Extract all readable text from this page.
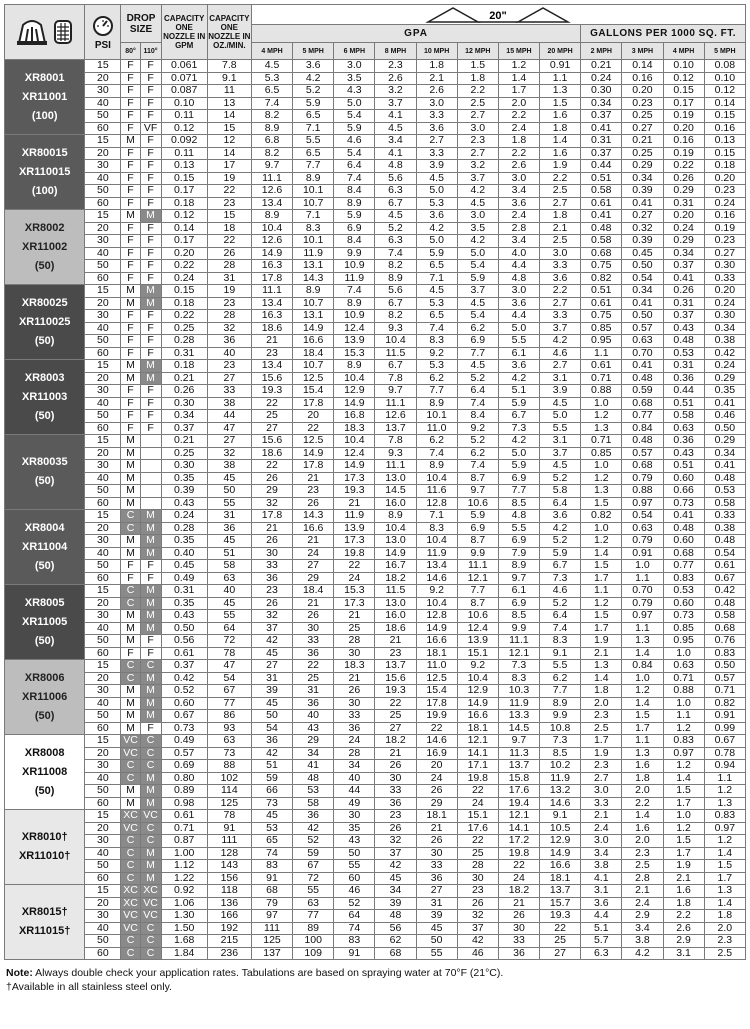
PSI	DROP SIZE		CAPACITY ONE NOZZLE IN GPM	CAPACITY ONE NOZZLE IN OZ./MIN.	20"											

						GPA								GALLONS PER 1000 SQ. FT.			
		80°	110°			4 MPH	5 MPH	6 MPH	8 MPH	10 MPH	12 MPH	15 MPH	20 MPH	2 MPH	3 MPH	4 MPH	5 MPH

XR8001
XR11001
(100)	15	F	F	0.061	7.8	4.5	3.6	3.0	2.3	1.8	1.5	1.2	0.91	0.21	0.14	0.10	0.08
	20	F	F	0.071	9.1	5.3	4.2	3.5	2.6	2.1	1.8	1.4	1.1	0.24	0.16	0.12	0.10
	30	F	F	0.087	11	6.5	5.2	4.3	3.2	2.6	2.2	1.7	1.3	0.30	0.20	0.15	0.12
	40	F	F	0.10	13	7.4	5.9	5.0	3.7	3.0	2.5	2.0	1.5	0.34	0.23	0.17	0.14
	50	F	F	0.11	14	8.2	6.5	5.4	4.1	3.3	2.7	2.2	1.6	0.37	0.25	0.19	0.15
	60	F	VF	0.12	15	8.9	7.1	5.9	4.5	3.6	3.0	2.4	1.8	0.41	0.27	0.20	0.16

XR80015
XR110015
(100)	15	M	F	0.092	12	6.8	5.5	4.6	3.4	2.7	2.3	1.8	1.4	0.31	0.21	0.16	0.13
	20	F	F	0.11	14	8.2	6.5	5.4	4.1	3.3	2.7	2.2	1.6	0.37	0.25	0.19	0.15
	30	F	F	0.13	17	9.7	7.7	6.4	4.8	3.9	3.2	2.6	1.9	0.44	0.29	0.22	0.18
	40	F	F	0.15	19	11.1	8.9	7.4	5.6	4.5	3.7	3.0	2.2	0.51	0.34	0.26	0.20
	50	F	F	0.17	22	12.6	10.1	8.4	6.3	5.0	4.2	3.4	2.5	0.58	0.39	0.29	0.23
	60	F	F	0.18	23	13.4	10.7	8.9	6.7	5.3	4.5	3.6	2.7	0.61	0.41	0.31	0.24

XR8002
XR11002
(50)	15	M	M	0.12	15	8.9	7.1	5.9	4.5	3.6	3.0	2.4	1.8	0.41	0.27	0.20	0.16
	20	F	F	0.14	18	10.4	8.3	6.9	5.2	4.2	3.5	2.8	2.1	0.48	0.32	0.24	0.19
	30	F	F	0.17	22	12.6	10.1	8.4	6.3	5.0	4.2	3.4	2.5	0.58	0.39	0.29	0.23
	40	F	F	0.20	26	14.9	11.9	9.9	7.4	5.9	5.0	4.0	3.0	0.68	0.45	0.34	0.27
	50	F	F	0.22	28	16.3	13.1	10.9	8.2	6.5	5.4	4.4	3.3	0.75	0.50	0.37	0.30
	60	F	F	0.24	31	17.8	14.3	11.9	8.9	7.1	5.9	4.8	3.6	0.82	0.54	0.41	0.33

XR80025
XR110025
(50)	15	M	M	0.15	19	11.1	8.9	7.4	5.6	4.5	3.7	3.0	2.2	0.51	0.34	0.26	0.20
	20	M	M	0.18	23	13.4	10.7	8.9	6.7	5.3	4.5	3.6	2.7	0.61	0.41	0.31	0.24
	30	F	F	0.22	28	16.3	13.1	10.9	8.2	6.5	5.4	4.4	3.3	0.75	0.50	0.37	0.30
	40	F	F	0.25	32	18.6	14.9	12.4	9.3	7.4	6.2	5.0	3.7	0.85	0.57	0.43	0.34
	50	F	F	0.28	36	21	16.6	13.9	10.4	8.3	6.9	5.5	4.2	0.95	0.63	0.48	0.38
	60	F	F	0.31	40	23	18.4	15.3	11.5	9.2	7.7	6.1	4.6	1.1	0.70	0.53	0.42

XR8003
XR11003
(50)	15	M	M	0.18	23	13.4	10.7	8.9	6.7	5.3	4.5	3.6	2.7	0.61	0.41	0.31	0.24
	20	M	M	0.21	27	15.6	12.5	10.4	7.8	6.2	5.2	4.2	3.1	0.71	0.48	0.36	0.29
	30	F	F	0.26	33	19.3	15.4	12.9	9.7	7.7	6.4	5.1	3.9	0.88	0.59	0.44	0.35
	40	F	F	0.30	38	22	17.8	14.9	11.1	8.9	7.4	5.9	4.5	1.0	0.68	0.51	0.41
	50	F	F	0.34	44	25	20	16.8	12.6	10.1	8.4	6.7	5.0	1.2	0.77	0.58	0.46
	60	F	F	0.37	47	27	22	18.3	13.7	11.0	9.2	7.3	5.5	1.3	0.84	0.63	0.50

XR80035
(50)	15	M		0.21	27	15.6	12.5	10.4	7.8	6.2	5.2	4.2	3.1	0.71	0.48	0.36	0.29
	20	M		0.25	32	18.6	14.9	12.4	9.3	7.4	6.2	5.0	3.7	0.85	0.57	0.43	0.34
	30	M		0.30	38	22	17.8	14.9	11.1	8.9	7.4	5.9	4.5	1.0	0.68	0.51	0.41
	40	M		0.35	45	26	21	17.3	13.0	10.4	8.7	6.9	5.2	1.2	0.79	0.60	0.48
	50	M		0.39	50	29	23	19.3	14.5	11.6	9.7	7.7	5.8	1.3	0.88	0.66	0.53
	60	M		0.43	55	32	26	21	16.0	12.8	10.6	8.5	6.4	1.5	0.97	0.73	0.58

XR8004
XR11004
(50)	15	C	M	0.24	31	17.8	14.3	11.9	8.9	7.1	5.9	4.8	3.6	0.82	0.54	0.41	0.33
	20	C	M	0.28	36	21	16.6	13.9	10.4	8.3	6.9	5.5	4.2	1.0	0.63	0.48	0.38
	30	M	M	0.35	45	26	21	17.3	13.0	10.4	8.7	6.9	5.2	1.2	0.79	0.60	0.48
	40	M	M	0.40	51	30	24	19.8	14.9	11.9	9.9	7.9	5.9	1.4	0.91	0.68	0.54
	50	F	F	0.45	58	33	27	22	16.7	13.4	11.1	8.9	6.7	1.5	1.0	0.77	0.61
	60	F	F	0.49	63	36	29	24	18.2	14.6	12.1	9.7	7.3	1.7	1.1	0.83	0.67

XR8005
XR11005
(50)	15	C	M	0.31	40	23	18.4	15.3	11.5	9.2	7.7	6.1	4.6	1.1	0.70	0.53	0.42
	20	C	M	0.35	45	26	21	17.3	13.0	10.4	8.7	6.9	5.2	1.2	0.79	0.60	0.48
	30	M	M	0.43	55	32	26	21	16.0	12.8	10.6	8.5	6.4	1.5	0.97	0.73	0.58
	40	M	M	0.50	64	37	30	25	18.6	14.9	12.4	9.9	7.4	1.7	1.1	0.85	0.68
	50	M	F	0.56	72	42	33	28	21	16.6	13.9	11.1	8.3	1.9	1.3	0.95	0.76
	60	F	F	0.61	78	45	36	30	23	18.1	15.1	12.1	9.1	2.1	1.4	1.0	0.83

XR8006
XR11006
(50)	15	C	C	0.37	47	27	22	18.3	13.7	11.0	9.2	7.3	5.5	1.3	0.84	0.63	0.50
	20	C	M	0.42	54	31	25	21	15.6	12.5	10.4	8.3	6.2	1.4	1.0	0.71	0.57
	30	M	M	0.52	67	39	31	26	19.3	15.4	12.9	10.3	7.7	1.8	1.2	0.88	0.71
	40	M	M	0.60	77	45	36	30	22	17.8	14.9	11.9	8.9	2.0	1.4	1.0	0.82
	50	M	M	0.67	86	50	40	33	25	19.9	16.6	13.3	9.9	2.3	1.5	1.1	0.91
	60	M	F	0.73	93	54	43	36	27	22	18.1	14.5	10.8	2.5	1.7	1.2	0.99

XR8008
XR11008
(50)	15	VC	C	0.49	63	36	29	24	18.2	14.6	12.1	9.7	7.3	1.7	1.1	0.83	0.67
	20	VC	C	0.57	73	42	34	28	21	16.9	14.1	11.3	8.5	1.9	1.3	0.97	0.78
	30	C	C	0.69	88	51	41	34	26	20	17.1	13.7	10.2	2.3	1.6	1.2	0.94
	40	C	M	0.80	102	59	48	40	30	24	19.8	15.8	11.9	2.7	1.8	1.4	1.1
	50	M	M	0.89	114	66	53	44	33	26	22	17.6	13.2	3.0	2.0	1.5	1.2
	60	M	M	0.98	125	73	58	49	36	29	24	19.4	14.6	3.3	2.2	1.7	1.3

XR8010†
XR11010†	15	XC	VC	0.61	78	45	36	30	23	18.1	15.1	12.1	9.1	2.1	1.4	1.0	0.83
	20	VC	C	0.71	91	53	42	35	26	21	17.6	14.1	10.5	2.4	1.6	1.2	0.97
	30	C	C	0.87	111	65	52	43	32	26	22	17.2	12.9	3.0	2.0	1.5	1.2
	40	C	M	1.00	128	74	59	50	37	30	25	19.8	14.9	3.4	2.3	1.7	1.4
	50	C	M	1.12	143	83	67	55	42	33	28	22	16.6	3.8	2.5	1.9	1.5
	60	C	M	1.22	156	91	72	60	45	36	30	24	18.1	4.1	2.8	2.1	1.7

XR8015†
XR11015†	15	XC	XC	0.92	118	68	55	46	34	27	23	18.2	13.7	3.1	2.1	1.6	1.3
	20	XC	VC	1.06	136	79	63	52	39	31	26	21	15.7	3.6	2.4	1.8	1.4
	30	VC	VC	1.30	166	97	77	64	48	39	32	26	19.3	4.4	2.9	2.2	1.8
	40	VC	C	1.50	192	111	89	74	56	45	37	30	22	5.1	3.4	2.6	2.0
	50	C	C	1.68	215	125	100	83	62	50	42	33	25	5.7	3.8	2.9	2.3
	60	C	C	1.84	236	137	109	91	68	55	46	36	27	6.3	4.2	3.1	2.5
Note: Always double check your application rates. Tabulations are based on spraying water at 70°F (21°C).
†Available in all stainless steel only.
